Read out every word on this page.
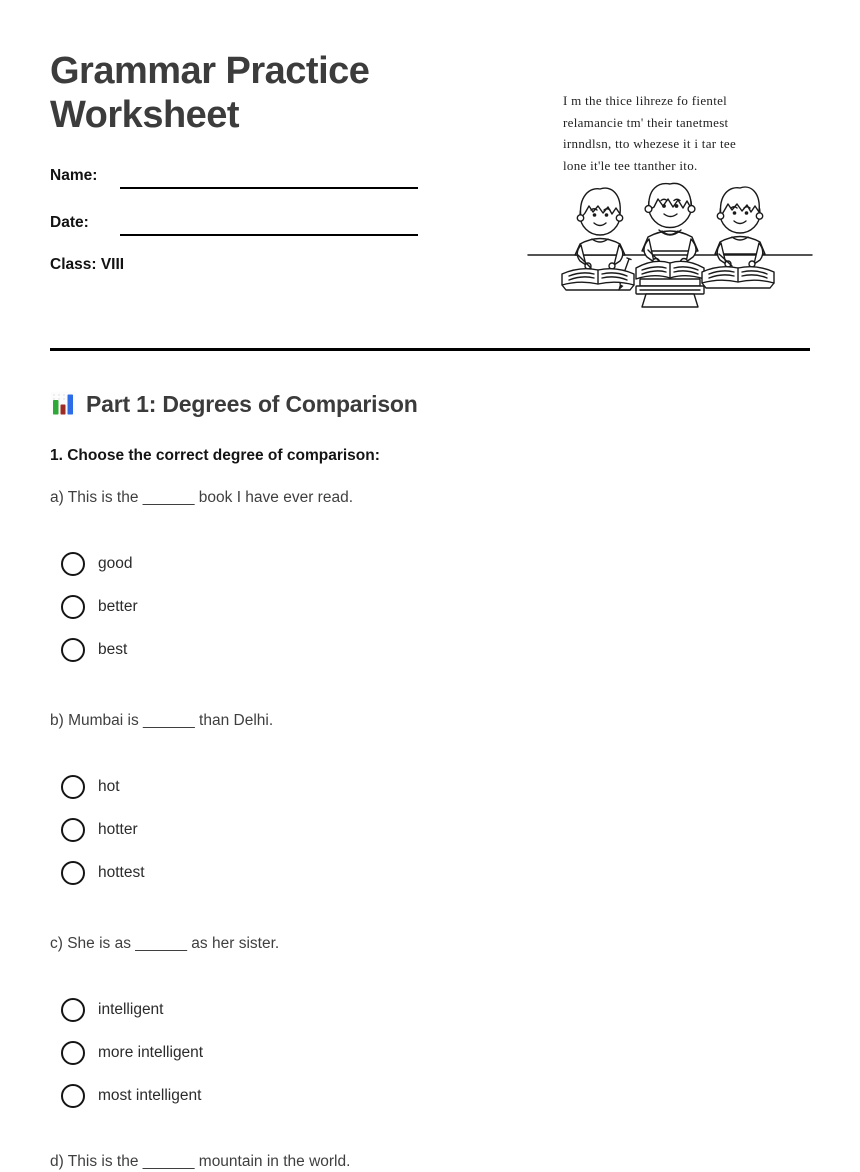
Grammar Practice Worksheet
Name:
Date:
Class: VIII
I m the thice lihreze fo fientel
relamancie tm' their tanetmest
irnndlsn, tto whezese it i tar tee
lone it'le tee ttanther ito.
Part 1: Degrees of Comparison
1. Choose the correct degree of comparison:
a) This is the ______ book I have ever read.
good
better
best
b) Mumbai is ______ than Delhi.
hot
hotter
hottest
c) She is as ______ as her sister.
intelligent
more intelligent
most intelligent
d) This is the ______ mountain in the world.
